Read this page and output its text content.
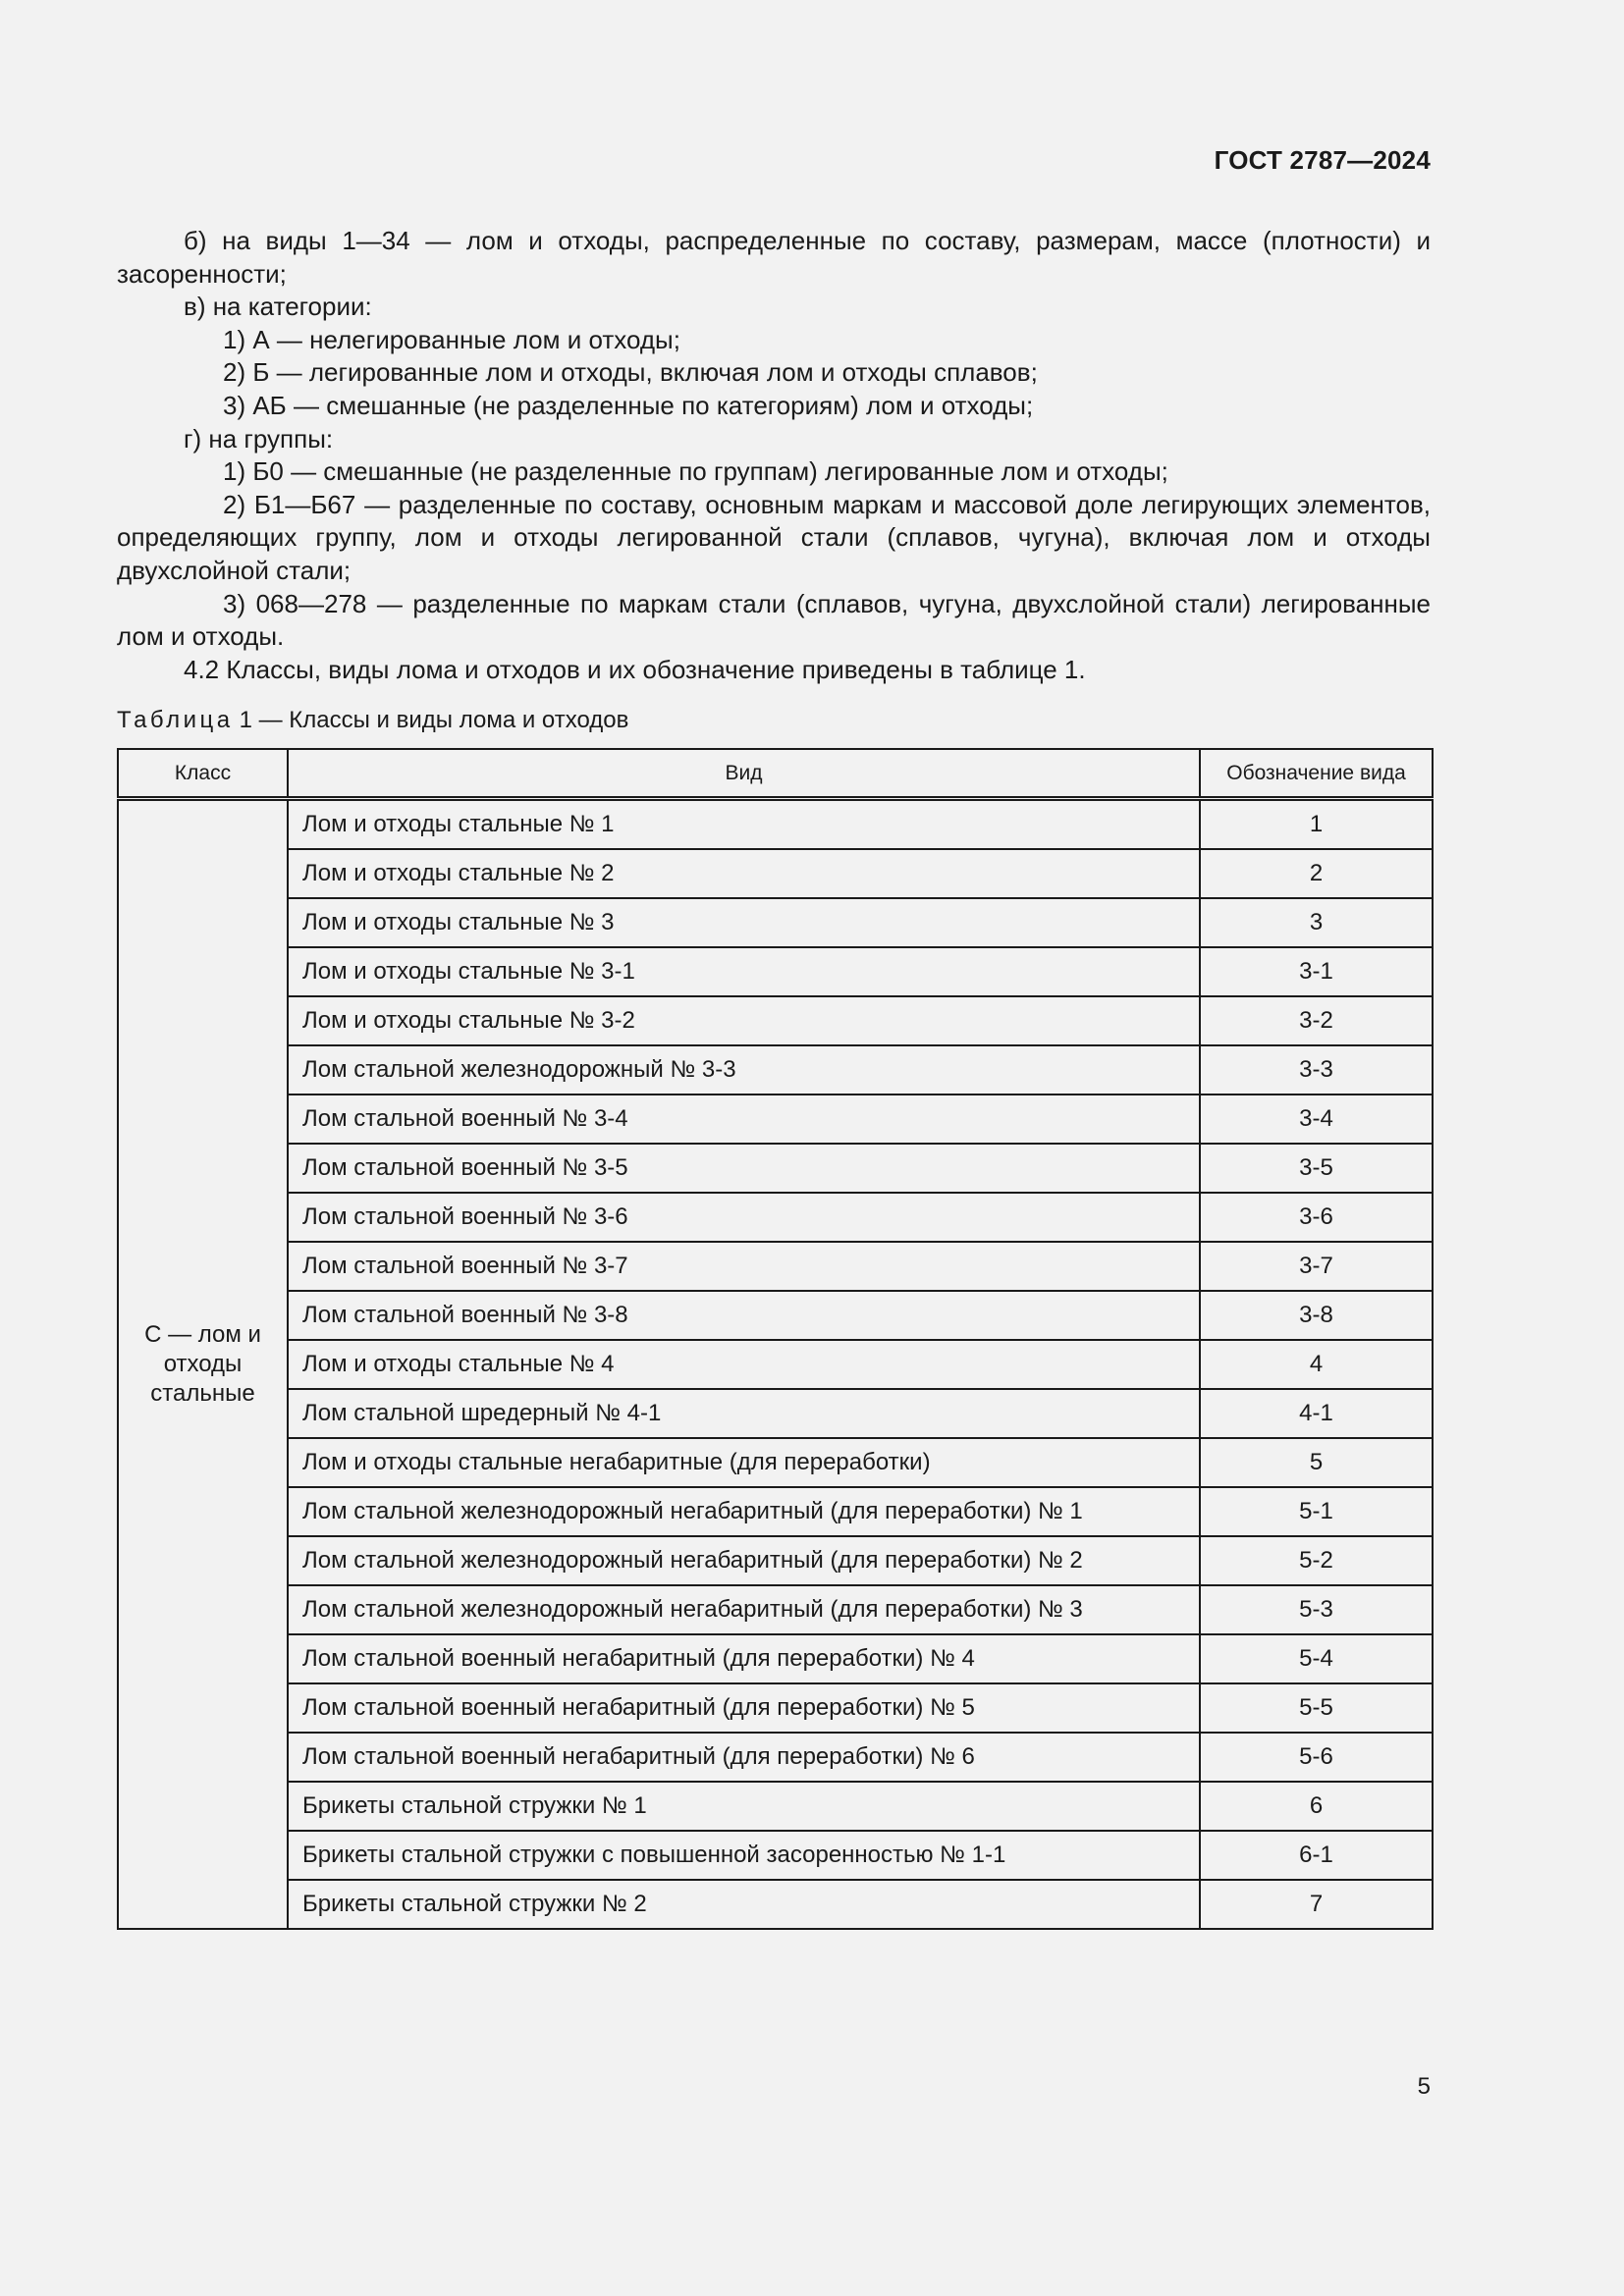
ГОСТ 2787—2024

б) на виды 1—34 — лом и отходы, распределенные по составу, размерам, массе (плотности) и засоренности;

в) на категории:

1) А — нелегированные лом и отходы;

2) Б — легированные лом и отходы, включая лом и отходы сплавов;

3) АБ — смешанные (не разделенные по категориям) лом и отходы;

г) на группы:

1) Б0 — смешанные (не разделенные по группам) легированные лом и отходы;

2) Б1—Б67 — разделенные по составу, основным маркам и массовой доле легирующих элементов, определяющих группу, лом и отходы легированной стали (сплавов, чугуна), включая лом и отходы двухслойной стали;

3) 068—278 — разделенные по маркам стали (сплавов, чугуна, двухслойной стали) легированные лом и отходы.

4.2 Классы, виды лома и отходов и их обозначение приведены в таблице 1.

Таблица 1 — Классы и виды лома и отходов
Класс	Вид	Обозначение вида
С — лом и отходы стальные	Лом и отходы стальные № 1	1
	Лом и отходы стальные № 2	2
	Лом и отходы стальные № 3	3
	Лом и отходы стальные № 3-1	3-1
	Лом и отходы стальные № 3-2	3-2
	Лом стальной железнодорожный № 3-3	3-3
	Лом стальной военный № 3-4	3-4
	Лом стальной военный № 3-5	3-5
	Лом стальной военный № 3-6	3-6
	Лом стальной военный № 3-7	3-7
	Лом стальной военный № 3-8	3-8
	Лом и отходы стальные № 4	4
	Лом стальной шредерный № 4-1	4-1
	Лом и отходы стальные негабаритные (для переработки)	5
	Лом стальной железнодорожный негабаритный (для переработки) № 1	5-1
	Лом стальной железнодорожный негабаритный (для переработки) № 2	5-2
	Лом стальной железнодорожный негабаритный (для переработки) № 3	5-3
	Лом стальной военный негабаритный (для переработки) № 4	5-4
	Лом стальной военный негабаритный (для переработки) № 5	5-5
	Лом стальной военный негабаритный (для переработки) № 6	5-6
	Брикеты стальной стружки № 1	6
	Брикеты стальной стружки с повышенной засоренностью № 1-1	6-1
	Брикеты стальной стружки № 2	7
5
